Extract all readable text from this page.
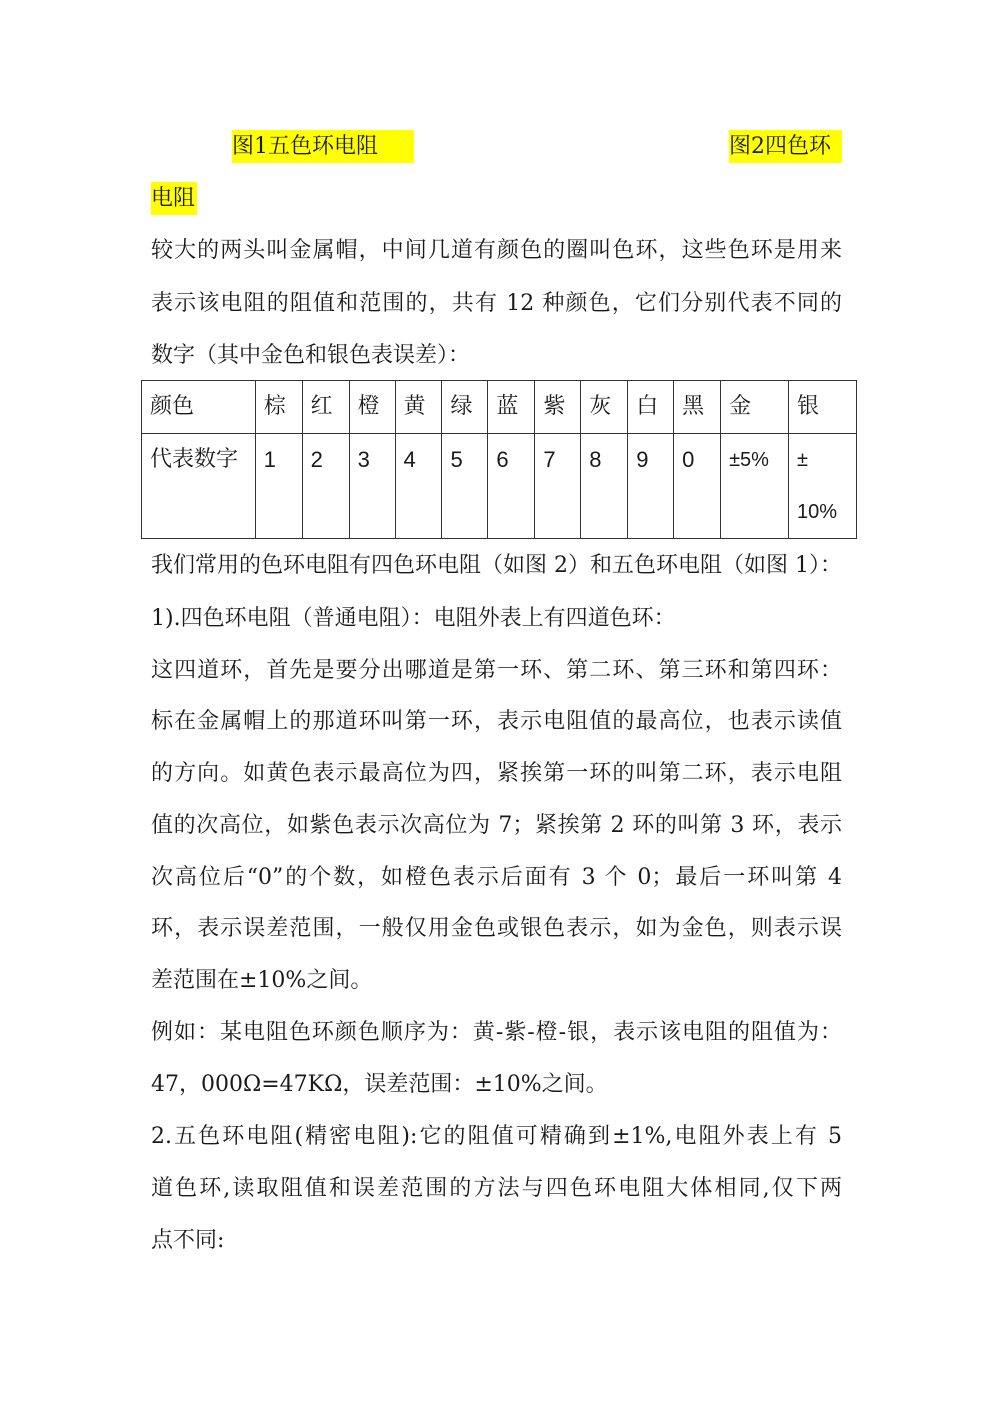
图1五色环电阻	图2四色环
电阻
较大的两头叫金属帽，中间几道有颜色的圈叫色环，这些色环是用来
表示该电阻的阻值和范围的，共有 12 种颜色，它们分别代表不同的
数字（其中金色和银色表误差）：
颜色	棕	红	橙	黄	绿	蓝	紫	灰	白	黑	金	银
代表数字	1	2	3	4	5	6	7	8	9	0	±5%	±
10%
我们常用的色环电阻有四色环电阻（如图 2）和五色环电阻（如图 1）：
1).四色环电阻（普通电阻）：电阻外表上有四道色环：
这四道环，首先是要分出哪道是第一环、第二环、第三环和第四环：
标在金属帽上的那道环叫第一环，表示电阻值的最高位，也表示读值
的方向。如黄色表示最高位为四，紧挨第一环的叫第二环，表示电阻
值的次高位，如紫色表示次高位为 7；紧挨第 2 环的叫第 3 环，表示
次高位后“0”的个数，如橙色表示后面有 3 个 0；最后一环叫第 4
环，表示误差范围，一般仅用金色或银色表示，如为金色，则表示误
差范围在±10%之间。
例如：某电阻色环颜色顺序为：黄-紫-橙-银，表示该电阻的阻值为：
47，000Ω=47KΩ，误差范围：±10%之间。
2.五色环电阻(精密电阻):它的阻值可精确到±1%,电阻外表上有 5
道色环,读取阻值和误差范围的方法与四色环电阻大体相同,仅下两
点不同:
